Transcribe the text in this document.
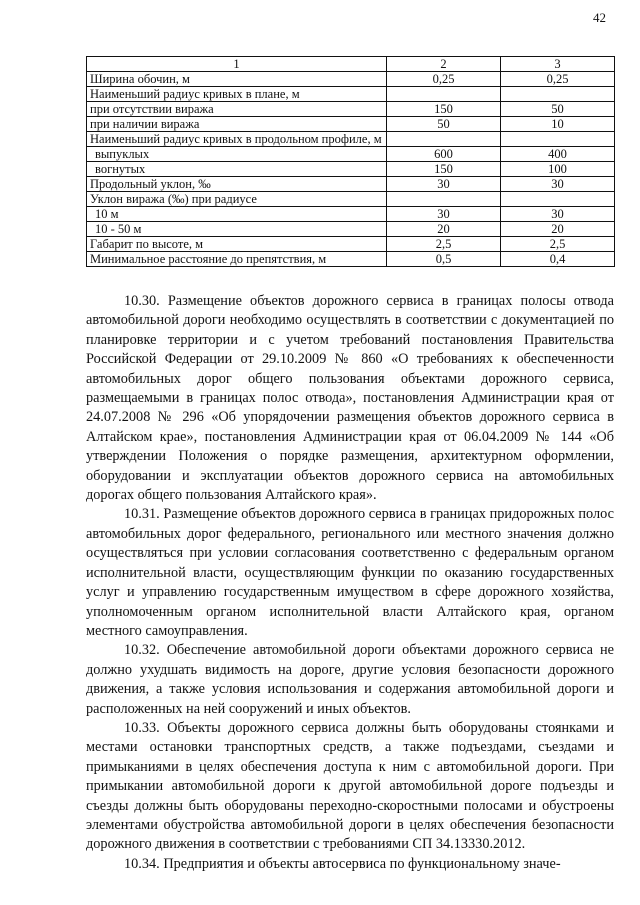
42
1	2	3
Ширина обочин, м	0,25	0,25
Наименьший радиус кривых в плане, м		
при отсутствии виража	150	50
при наличии виража	50	10
Наименьший радиус кривых в продольном профиле, м		
выпуклых	600	400
вогнутых	150	100
Продольный уклон, ‰	30	30
Уклон виража (‰) при радиусе		
10 м	30	30
10 - 50 м	20	20
Габарит по высоте, м	2,5	2,5
Минимальное расстояние до препятствия, м	0,5	0,4

10.30. Размещение объектов дорожного сервиса в границах полосы отвода автомобильной дороги необходимо осуществлять в соответствии с документацией по планировке территории и с учетом требований постановления Правительства Российской Федерации от 29.10.2009 № 860 «О требованиях к обеспеченности автомобильных дорог общего пользования объектами дорожного сервиса, размещаемыми в границах полос отвода», постановления Администрации края от 24.07.2008 № 296 «Об упорядочении размещения объектов дорожного сервиса в Алтайском крае», постановления Администрации края от 06.04.2009 № 144 «Об утверждении Положения о порядке размещения, архитектурном оформлении, оборудовании и эксплуатации объектов дорожного сервиса на автомобильных дорогах общего пользования Алтайского края».

10.31. Размещение объектов дорожного сервиса в границах придорожных полос автомобильных дорог федерального, регионального или местного значения должно осуществляться при условии согласования соответственно с федеральным органом исполнительной власти, осуществляющим функции по оказанию государственных услуг и управлению государственным имуществом в сфере дорожного хозяйства, уполномоченным органом исполнительной власти Алтайского края, органом местного самоуправления.

10.32. Обеспечение автомобильной дороги объектами дорожного сервиса не должно ухудшать видимость на дороге, другие условия безопасности дорожного движения, а также условия использования и содержания автомобильной дороги и расположенных на ней сооружений и иных объектов.

10.33. Объекты дорожного сервиса должны быть оборудованы стоянками и местами остановки транспортных средств, а также подъездами, съездами и примыканиями в целях обеспечения доступа к ним с автомобильной дороги. При примыкании автомобильной дороги к другой автомобильной дороге подъезды и съезды должны быть оборудованы переходно-скоростными полосами и обустроены элементами обустройства автомобильной дороги в целях обеспечения безопасности дорожного движения в соответствии с требованиями СП 34.13330.2012.

10.34. Предприятия и объекты автосервиса по функциональному значе-
